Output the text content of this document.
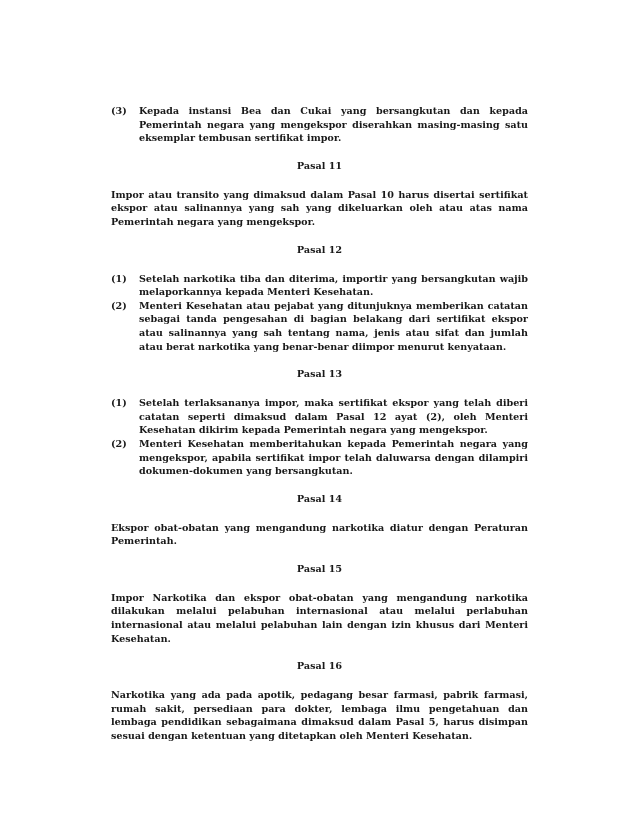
(3)	Kepada instansi Bea dan Cukai yang bersangkutan dan kepada Pemerintah negara yang mengekspor diserahkan masing-masing satu eksemplar tembusan sertifikat impor.
Pasal 11

Impor atau transito yang dimaksud dalam Pasal 10 harus disertai sertifikat ekspor atau salinannya yang sah yang dikeluarkan oleh atau atas nama Pemerintah negara yang mengekspor.

Pasal 12
(1)	Setelah narkotika tiba dan diterima, importir yang bersangkutan wajib melaporkannya kepada Menteri Kesehatan.
(2)	Menteri Kesehatan atau pejabat yang ditunjuknya memberikan catatan sebagai tanda pengesahan di bagian belakang dari sertifikat ekspor atau salinannya yang sah tentang nama, jenis atau sifat dan jumlah atau berat narkotika yang benar-benar diimpor menurut kenyataan.
Pasal 13
(1)	Setelah terlaksananya impor, maka sertifikat ekspor yang telah diberi catatan seperti dimaksud dalam Pasal 12 ayat (2), oleh Menteri Kesehatan dikirim kepada Pemerintah negara yang mengekspor.
(2)	Menteri Kesehatan memberitahukan kepada Pemerintah negara yang mengekspor, apabila sertifikat impor telah daluwarsa dengan dilampiri dokumen-dokumen yang bersangkutan.
Pasal 14

Ekspor obat-obatan yang mengandung narkotika diatur dengan Peraturan Pemerintah.

Pasal 15

Impor Narkotika dan ekspor obat-obatan yang mengandung narkotika dilakukan melalui pelabuhan internasional atau melalui perlabuhan internasional atau melalui pelabuhan lain dengan izin khusus dari Menteri Kesehatan.

Pasal 16

Narkotika yang ada pada apotik, pedagang besar farmasi, pabrik farmasi, rumah sakit, persediaan para dokter, lembaga ilmu pengetahuan dan lembaga pendidikan sebagaimana dimaksud dalam Pasal 5, harus disimpan sesuai dengan ketentuan yang ditetapkan oleh Menteri Kesehatan.
